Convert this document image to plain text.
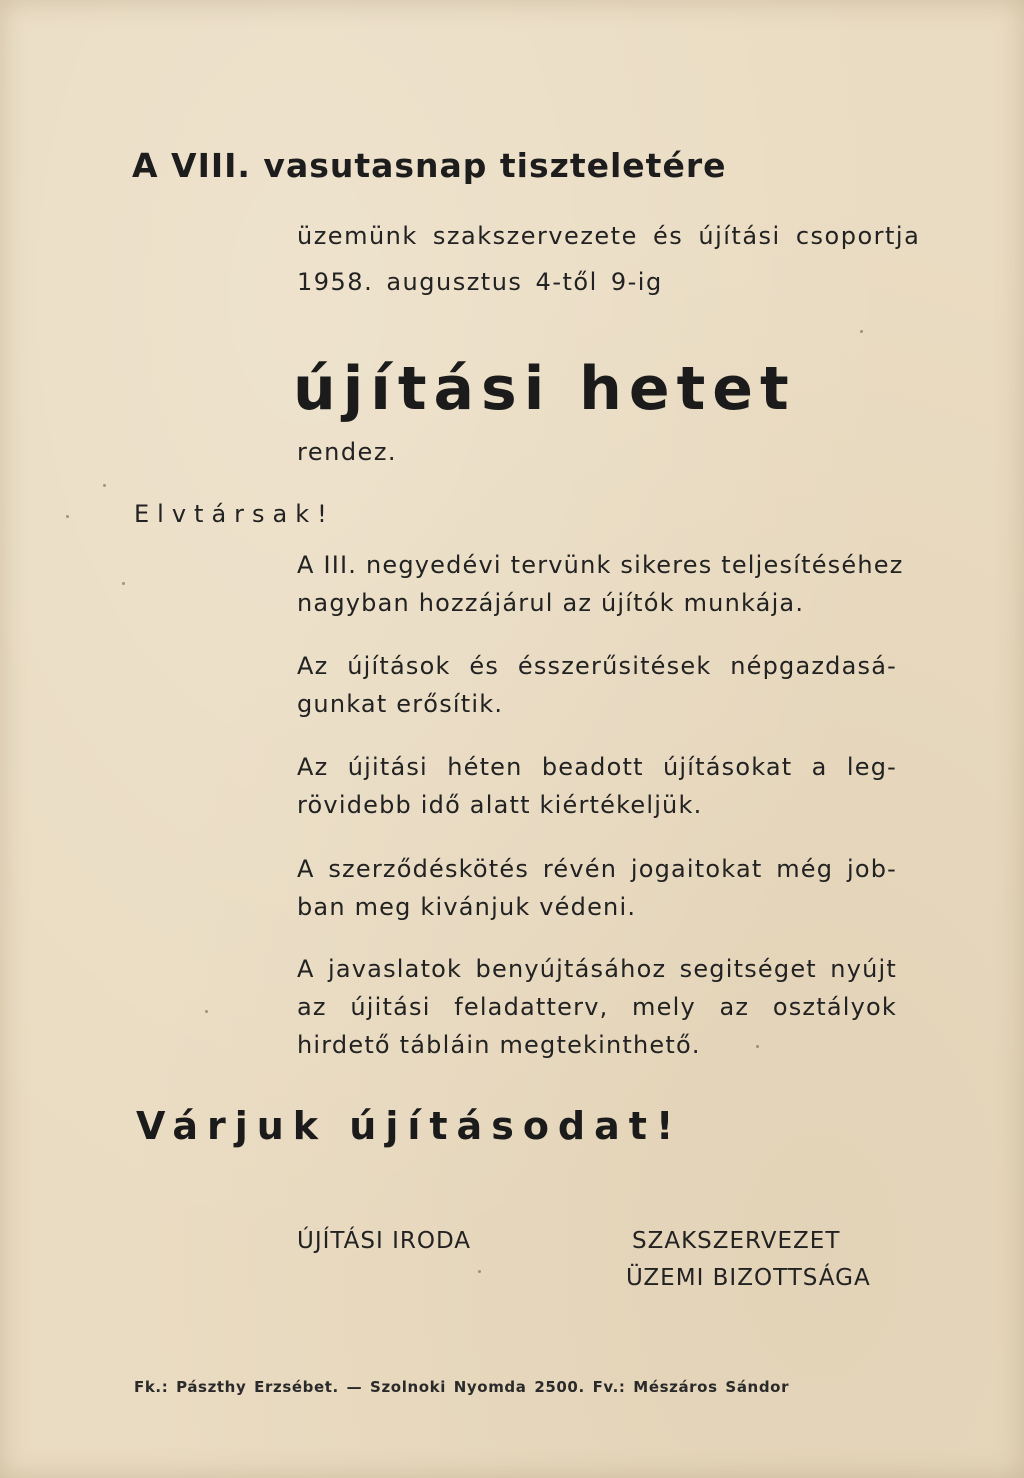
A VIII. vasutasnap tiszteletére

üzemünk szakszervezete és újítási csoportja

1958. augusztus 4-től 9-ig

újítási hetet

rendez.

Elvtársak!

A III. negyedévi tervünk sikeres teljesítéséhez
nagyban hozzájárul az újítók munkája.
Az újítások és ésszerűsitések népgazdasá-
gunkat erősítik.
Az újitási héten beadott újításokat a leg-
rövidebb idő alatt kiértékeljük.
A szerződéskötés révén jogaitokat még job-
ban meg kivánjuk védeni.
A javaslatok benyújtásához segitséget nyújt
az újitási feladatterv, mely az osztályok
hirdető tábláin megtekinthető.

Várjuk újításodat!

ÚJÍTÁSI IRODA	SZAKSZERVEZET

ÜZEMI BIZOTTSÁGA

Fk.: Pászthy Erzsébet. — Szolnoki Nyomda 2500. Fv.: Mészáros Sándor
